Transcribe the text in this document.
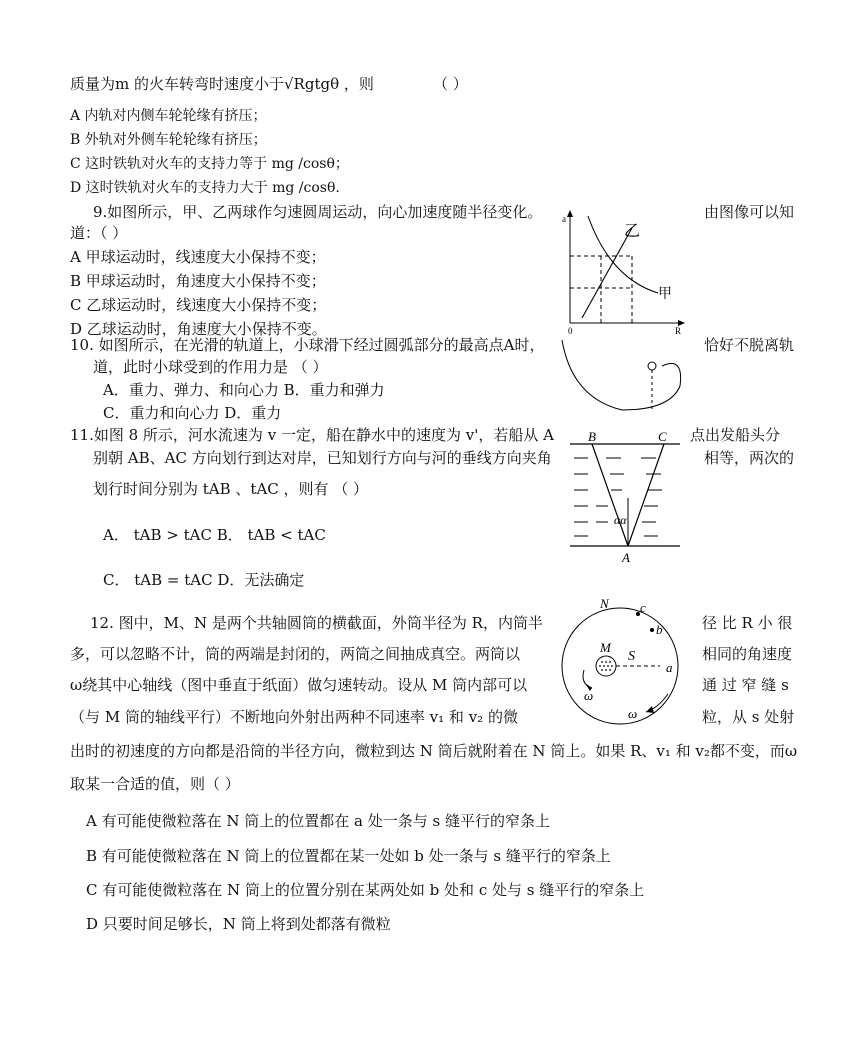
质量为m 的火车转弯时速度小于√Rgtgθ ，则	（ ）
A 内轨对内侧车轮轮缘有挤压；
B 外轨对外侧车轮轮缘有挤压；
C 这时铁轨对火车的支持力等于 mg /cosθ；
D 这时铁轨对火车的支持力大于 mg /cosθ.
9.如图所示，甲、乙两球作匀速圆周运动，向心加速度随半径变化。	由图像可以知
道：（ ）
A 甲球运动时，线速度大小保持不变；
B 甲球运动时，角速度大小保持不变；
C 乙球运动时，线速度大小保持不变；
D 乙球运动时，角速度大小保持不变。
a
R
0
乙
甲
10. 如图所示，在光滑的轨道上，小球滑下经过圆弧部分的最高点A时，	恰好不脱离轨
道，此时小球受到的作用力是 （ ）
A．重力、弹力、和向心力 B．重力和弹力
C．重力和向心力 D．重力
11.如图 8 所示，河水流速为 v 一定，船在静水中的速度为 v'，若船从 A	点出发船头分
别朝 AB、AC 方向划行到达对岸，已知划行方向与河的垂线方向夹角	相等，两次的
划行时间分别为 tAB 、tAC ，则有 （ ）
A． tAB > tAC B． tAB < tAC
C． tAB = tAC D．无法确定
B	C
A
αα
12. 图中，M、N 是两个共轴圆筒的横截面，外筒半径为 R，内筒半	径 比 R 小 很
多，可以忽略不计，筒的两端是封闭的，两筒之间抽成真空。两筒以	相同的角速度
ω绕其中心轴线（图中垂直于纸面）做匀速转动。设从 M 筒内部可以	通 过 窄 缝 s
（与 M 筒的轴线平行）不断地向外射出两种不同速率 v₁ 和 v₂ 的微	粒，从 s 处射
出时的初速度的方向都是沿筒的半径方向，微粒到达 N 筒后就附着在 N 筒上。如果 R、v₁ 和 v₂都不变，而ω
取某一合适的值，则（ ）
A 有可能使微粒落在 N 筒上的位置都在 a 处一条与 s 缝平行的窄条上
B 有可能使微粒落在 N 筒上的位置都在某一处如 b 处一条与 s 缝平行的窄条上
C 有可能使微粒落在 N 筒上的位置分别在某两处如 b 处和 c 处与 s 缝平行的窄条上
D 只要时间足够长，N 筒上将到处都落有微粒
N c
b
M
S
a
ω
ω
